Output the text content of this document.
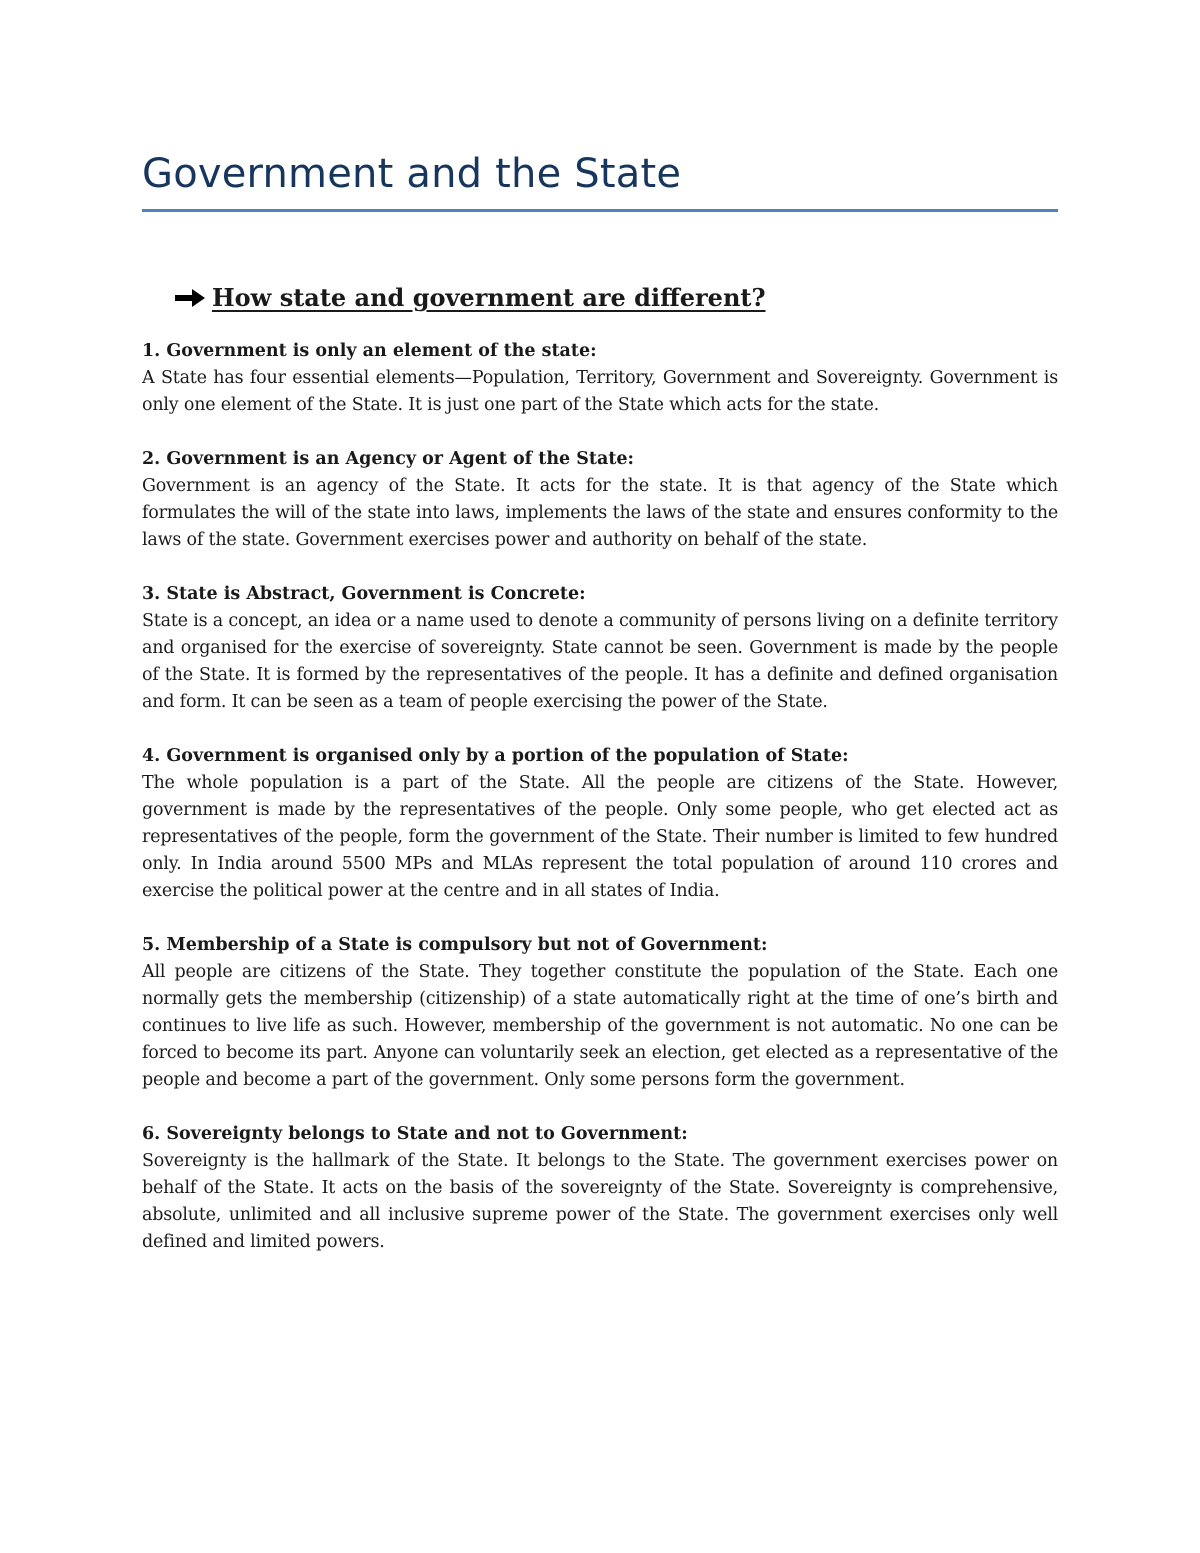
Government and the State
How state and government are different?

1. Government is only an element of the state:

A State has four essential elements—Population, Territory, Government and Sovereignty. Government is only one element of the State. It is just one part of the State which acts for the state.

2. Government is an Agency or Agent of the State:

Government is an agency of the State. It acts for the state. It is that agency of the State which formulates the will of the state into laws, implements the laws of the state and ensures conformity to the laws of the state. Government exercises power and authority on behalf of the state.

3. State is Abstract, Government is Concrete:

State is a concept, an idea or a name used to denote a community of persons living on a definite territory and organised for the exercise of sovereignty. State cannot be seen. Government is made by the people of the State. It is formed by the representatives of the people. It has a definite and defined organisation and form. It can be seen as a team of people exercising the power of the State.

4. Government is organised only by a portion of the population of State:

The whole population is a part of the State. All the people are citizens of the State. However, government is made by the representatives of the people. Only some people, who get elected act as representatives of the people, form the government of the State. Their number is limited to few hundred only. In India around 5500 MPs and MLAs represent the total population of around 110 crores and exercise the political power at the centre and in all states of India.

5. Membership of a State is compulsory but not of Government:

All people are citizens of the State. They together constitute the population of the State. Each one normally gets the membership (citizenship) of a state automatically right at the time of one’s birth and continues to live life as such. However, membership of the government is not automatic. No one can be forced to become its part. Anyone can voluntarily seek an election, get elected as a representative of the people and become a part of the government. Only some persons form the government.

6. Sovereignty belongs to State and not to Government:

Sovereignty is the hallmark of the State. It belongs to the State. The government exercises power on behalf of the State. It acts on the basis of the sovereignty of the State. Sovereignty is comprehensive, absolute, unlimited and all inclusive supreme power of the State. The government exercises only well defined and limited powers.
